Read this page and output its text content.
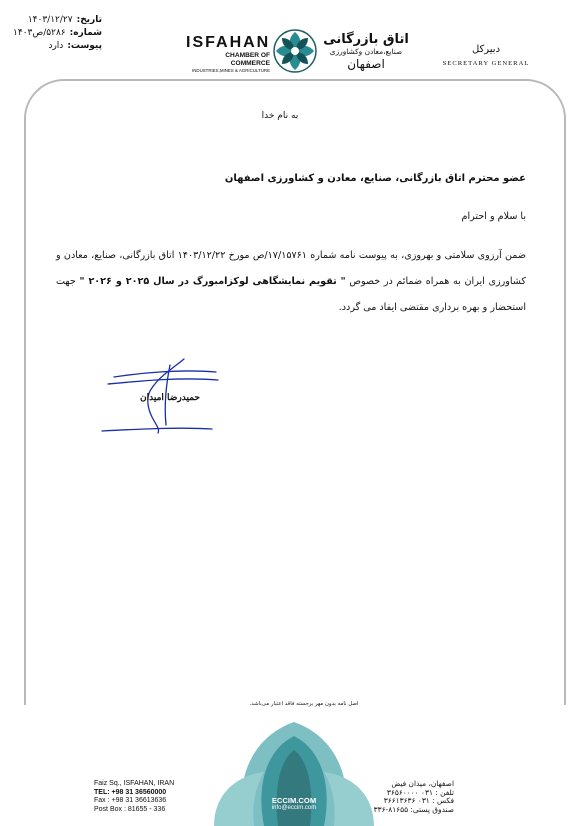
تاریخ:
۱۴۰۳/۱۲/۲۷
شماره:
۵۲۸۶/ص۱۴۰۳
پیوست:
دارد	ISFAHAN
CHAMBER OF COMMERCE
INDUSTRIES,MINES & AGRICULTURE
اتاق بازرگانی
صنایع،معادن وکشاورزی
اصفهان
دبیرکل
SECRETARY GENERAL
به نام خدا
عضو محترم اتاق بازرگانی، صنایع، معادن و کشاورزی اصفهان
با سلام و احترام
ضمن آرزوی سلامتی و بهروزی، به پیوست نامه شماره ۱۷/۱۵۷۶۱/ص مورخ ۱۴۰۳/۱۲/۲۲ اتاق بازرگانی، صنایع، معادن و کشاورزی ایران به همراه ضمائم در خصوص " تقویم نمایشگاهی لوکزامبورگ در سال ۲۰۲۵ و ۲۰۲۶ " جهت استحضار و بهره برداری مقتضی ایفاد می گردد.
حمیدرضا امیدان
اصل نامه بدون مهر برجسته فاقد اعتبار می‌باشد.
ECCIM.COM
info@eccim.com
Faiz Sq., ISFAHAN, IRAN
TEL: +98 31 36560000
Fax : +98 31 36613636
Post Box : 81655 - 336
اصفهان، میدان فیض
تلفن : ۰۳۱ ۳۶۵۶۰۰۰۰
فکس : ۰۳۱ ۳۶۶۱۳۶۳۶
صندوق پستی: ۸۱۶۵۵-۳۳۶
